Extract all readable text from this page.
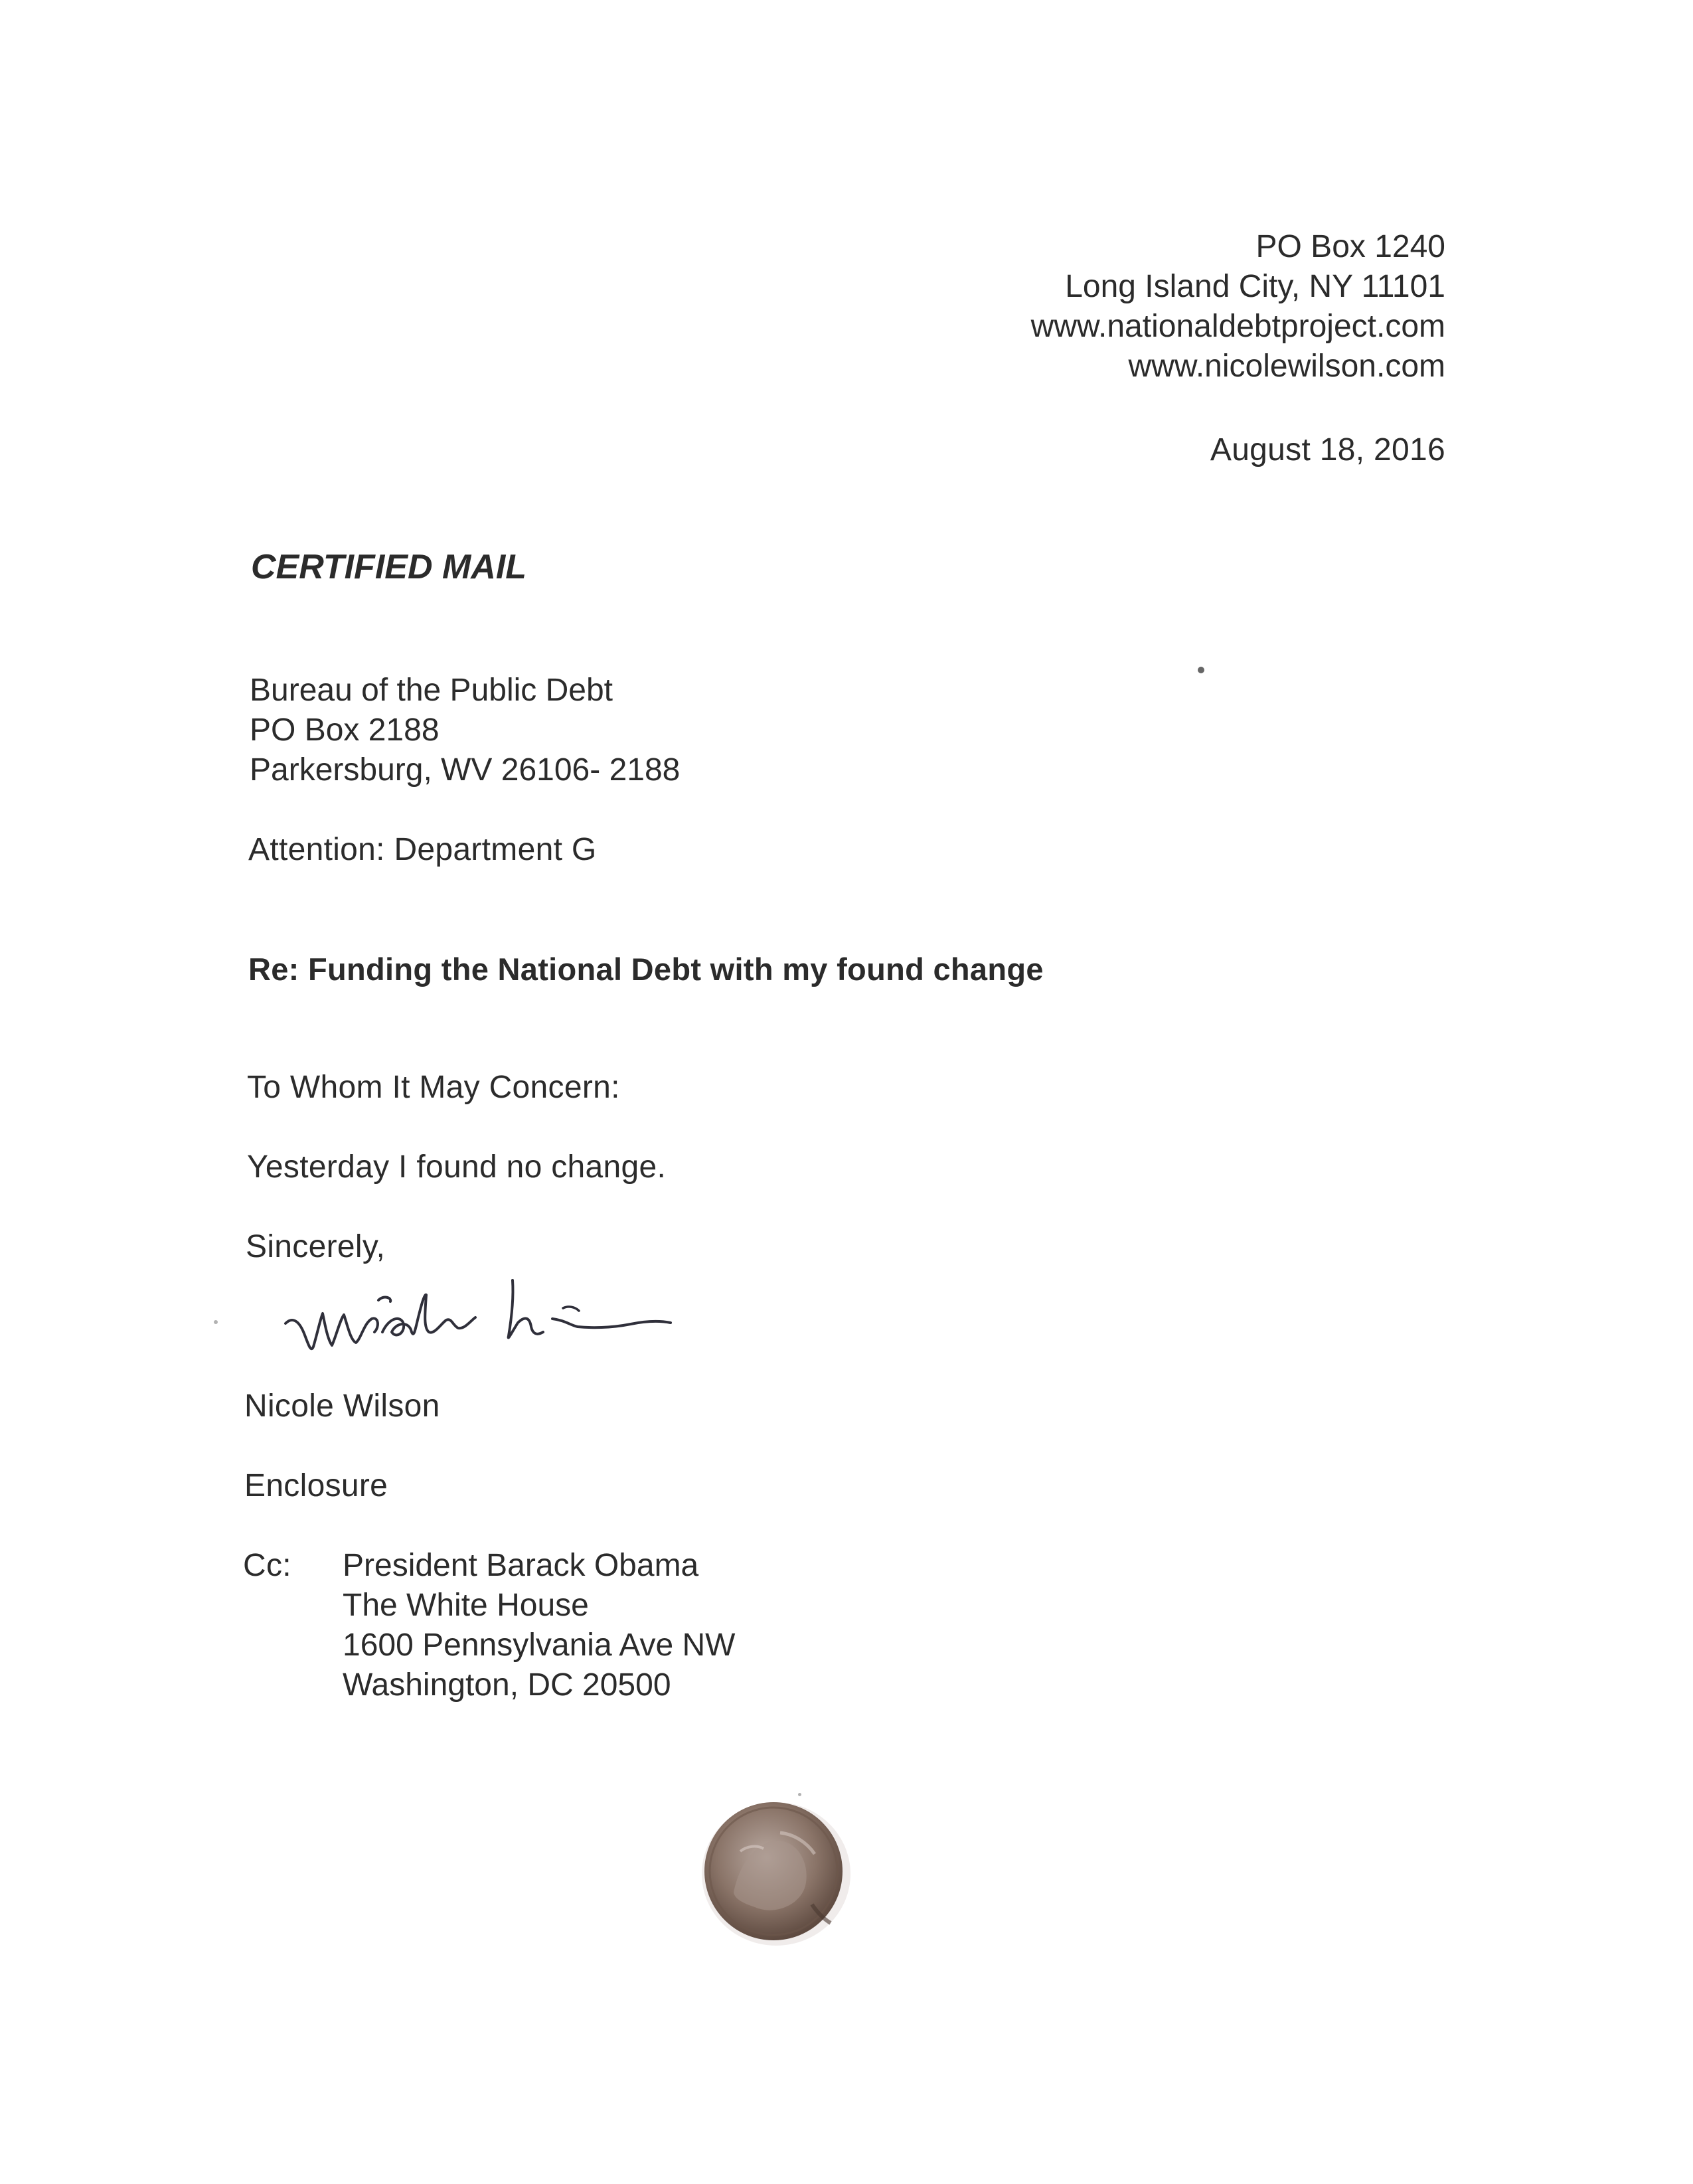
PO Box 1240
Long Island City, NY 11101
www.nationaldebtproject.com
www.nicolewilson.com
August 18, 2016
CERTIFIED MAIL
Bureau of the Public Debt
PO Box 2188
Parkersburg, WV 26106- 2188
Attention: Department G
Re: Funding the National Debt with my found change
To Whom It May Concern:
Yesterday I found no change.
Sincerely,
Nicole Wilson
Enclosure
Cc: President Barack Obama
The White House
1600 Pennsylvania Ave NW
Washington, DC 20500
